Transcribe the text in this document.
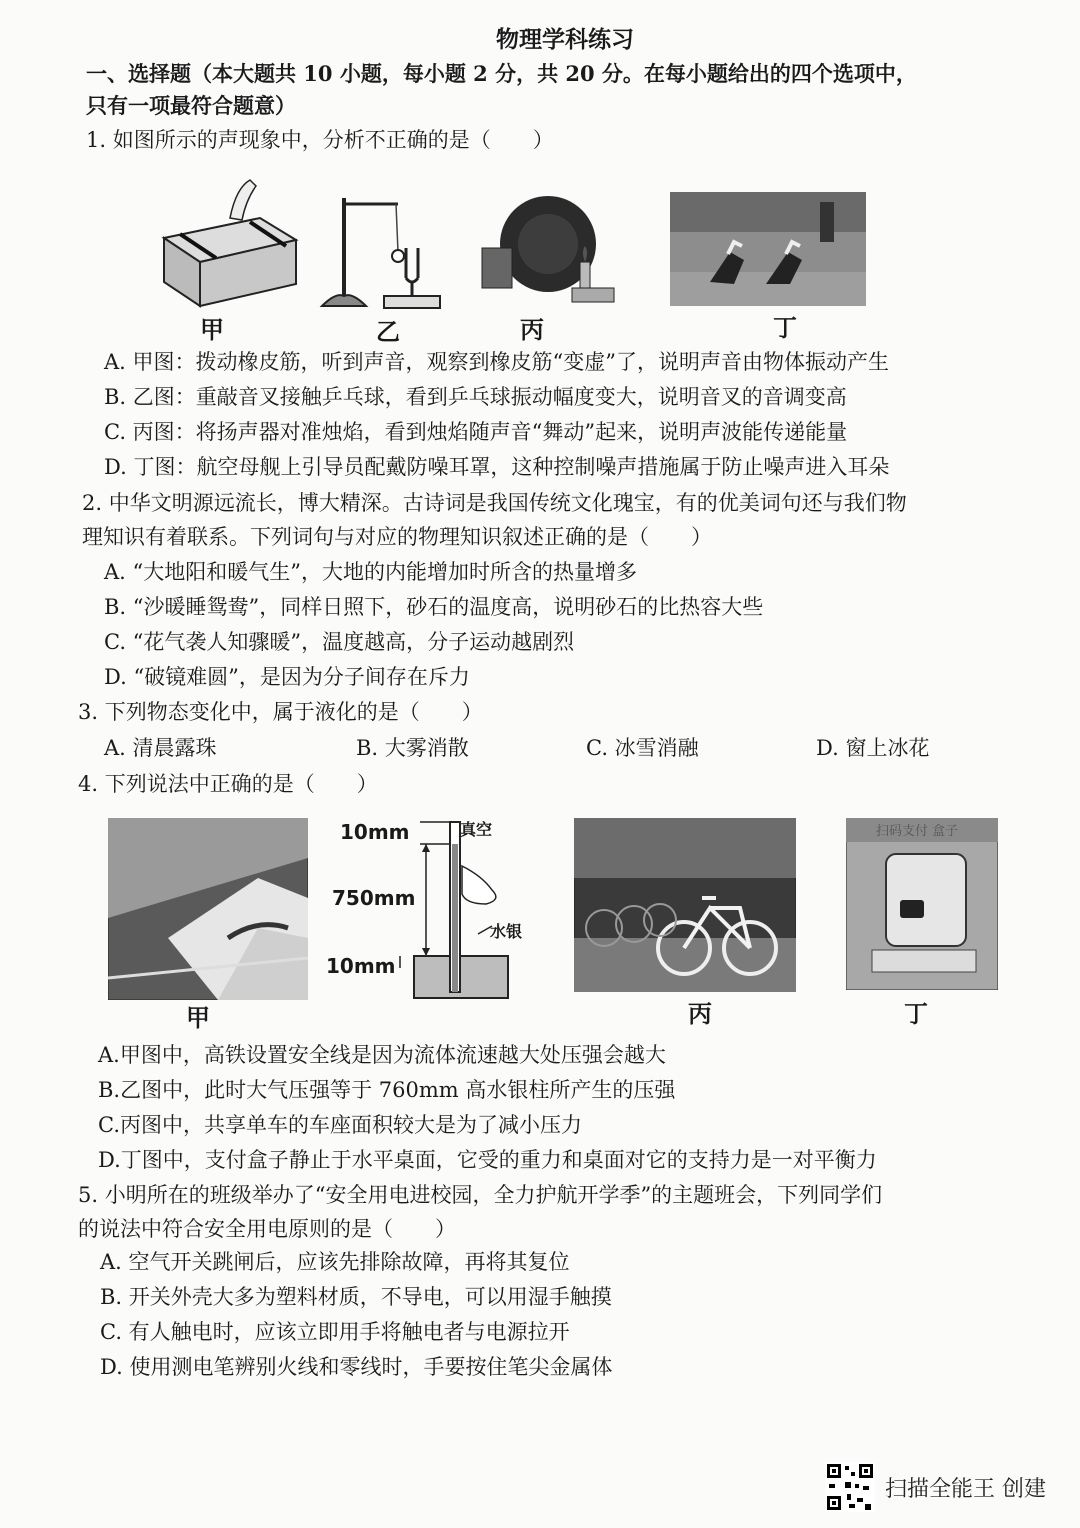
物理学科练习
一、选择题（本大题共 10 小题，每小题 2 分，共 20 分。在每小题给出的四个选项中，
只有一项最符合题意）
1. 如图所示的声现象中，分析不正确的是（　　）
甲	乙	丙	丁
A. 甲图：拨动橡皮筋，听到声音，观察到橡皮筋“变虚”了，说明声音由物体振动产生
B. 乙图：重敲音叉接触乒乓球，看到乒乓球振动幅度变大，说明音叉的音调变高
C. 丙图：将扬声器对准烛焰，看到烛焰随声音“舞动”起来，说明声波能传递能量
D. 丁图：航空母舰上引导员配戴防噪耳罩，这种控制噪声措施属于防止噪声进入耳朵
2. 中华文明源远流长，博大精深。古诗词是我国传统文化瑰宝，有的优美词句还与我们物
理知识有着联系。下列词句与对应的物理知识叙述正确的是（　　）
A. “大地阳和暖气生”，大地的内能增加时所含的热量增多
B. “沙暖睡鸳鸯”，同样日照下，砂石的温度高，说明砂石的比热容大些
C. “花气袭人知骤暖”，温度越高，分子运动越剧烈
D. “破镜难圆”，是因为分子间存在斥力
3. 下列物态变化中，属于液化的是（　　）
A. 清晨露珠	B. 大雾消散	C. 冰雪消融	D. 窗上冰花
4. 下列说法中正确的是（　　）
甲
10mm	真空
750mm
水银
10mm
丙
扫码支付 盒子
丁
A.甲图中，高铁设置安全线是因为流体流速越大处压强会越大
B.乙图中，此时大气压强等于 760mm 高水银柱所产生的压强
C.丙图中，共享单车的车座面积较大是为了减小压力
D.丁图中，支付盒子静止于水平桌面，它受的重力和桌面对它的支持力是一对平衡力
5. 小明所在的班级举办了“安全用电进校园，全力护航开学季”的主题班会，下列同学们
的说法中符合安全用电原则的是（　　）
A. 空气开关跳闸后，应该先排除故障，再将其复位
B. 开关外壳大多为塑料材质，不导电，可以用湿手触摸
C. 有人触电时，应该立即用手将触电者与电源拉开
D. 使用测电笔辨别火线和零线时，手要按住笔尖金属体
扫描全能王 创建
